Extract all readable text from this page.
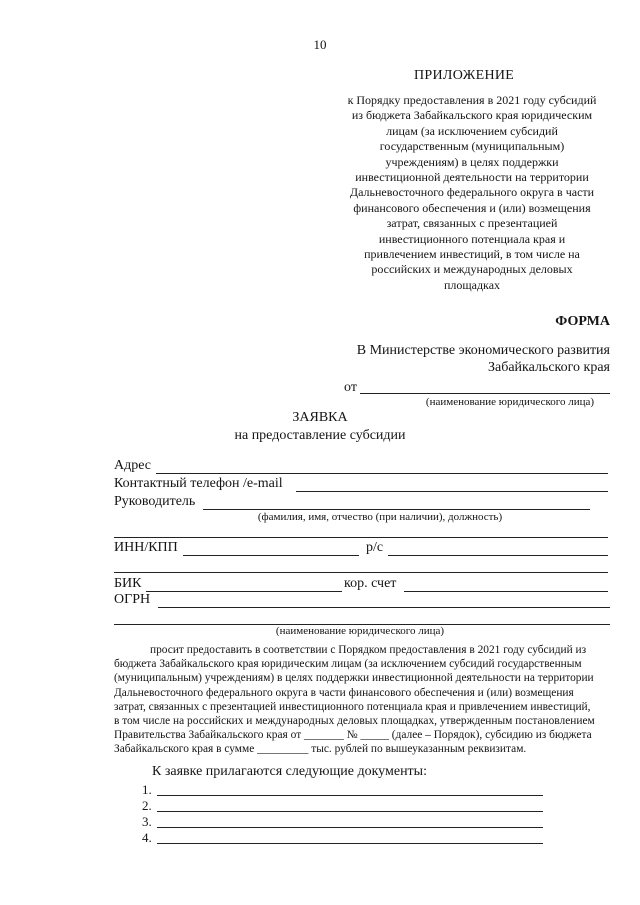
10
ПРИЛОЖЕНИЕ
к Порядку предоставления в 2021 году субсидий
из бюджета Забайкальского края юридическим
лицам (за исключением субсидий
государственным (муниципальным)
учреждениям) в целях поддержки
инвестиционной деятельности на территории
Дальневосточного федерального округа в части
финансового обеспечения и (или) возмещения
затрат, связанных с презентацией
инвестиционного потенциала края и
привлечением инвестиций, в том числе на
российских и международных деловых
площадках
ФОРМА
В Министерстве экономического развития
Забайкальского края
от
(наименование юридического лица)
ЗАЯВКА
на предоставление субсидии
Адрес
Контактный телефон /e-mail
Руководитель
(фамилия, имя, отчество (при наличии), должность)
ИНН/КПП	р/с
БИК	кор. счет
ОГРН
(наименование юридического лица)
просит предоставить в соответствии с Порядком предоставления в 2021 году субсидий из
бюджета Забайкальского края юридическим лицам (за исключением субсидий государственным
(муниципальным) учреждениям) в целях поддержки инвестиционной деятельности на территории
Дальневосточного федерального округа в части финансового обеспечения и (или) возмещения
затрат, связанных с презентацией инвестиционного потенциала края и привлечением инвестиций,
в том числе на российских и международных деловых площадках, утвержденным постановлением
Правительства Забайкальского края от _______ № _____ (далее – Порядок), субсидию из бюджета
Забайкальского края в сумме _________ тыс. рублей по вышеуказанным реквизитам.
К заявке прилагаются следующие документы:
1.
2.
3.
4.
